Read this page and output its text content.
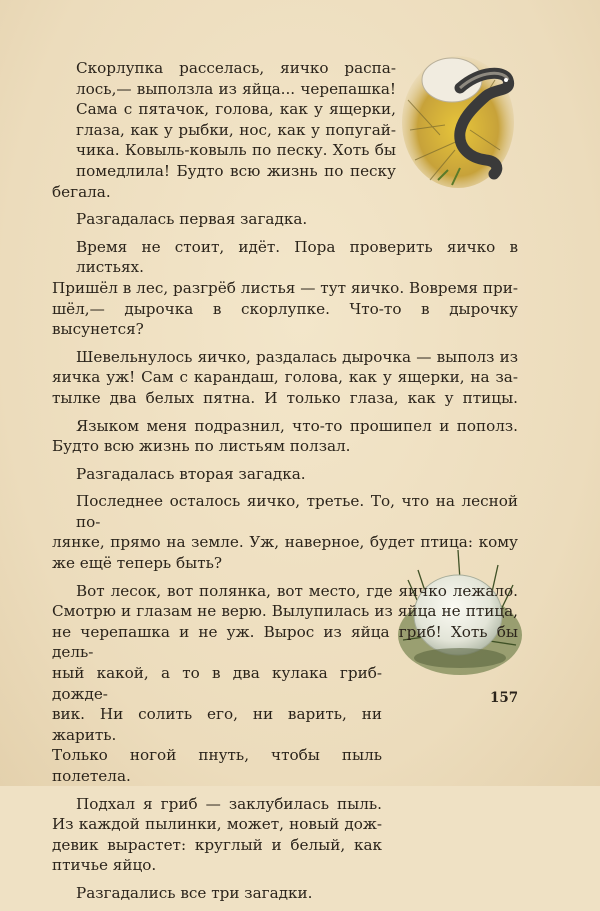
Скорлупка расселась, яичко распа-
лось,— выползла из яйца... черепашка!
Сама с пятачок, голова, как у ящерки,
глаза, как у рыбки, нос, как у попугай-
чика. Ковыль-ковыль по песку. Хоть бы
помедлила! Будто всю жизнь по песку
бегала.
Разгадалась первая загадка.
Время не стоит, идёт. Пора проверить яичко в листьях.
Пришёл в лес, разгрёб листья — тут яичко. Вовремя при-
шёл,— дырочка в скорлупке. Что-то в дырочку высунется?
Шевельнулось яичко, раздалась дырочка — выполз из
яичка уж! Сам с карандаш, голова, как у ящерки, на за-
тылке два белых пятна. И только глаза, как у птицы.
Языком меня подразнил, что-то прошипел и пополз.
Будто всю жизнь по листьям ползал.
Разгадалась вторая загадка.
Последнее осталось яичко, третье. То, что на лесной по-
лянке, прямо на земле. Уж, наверное, будет птица: кому
же ещё теперь быть?
Вот лесок, вот полянка, вот место, где яичко лежало.
Смотрю и глазам не верю. Вылупилась из яйца не птица,
не черепашка и не уж. Вырос из яйца гриб! Хоть бы дель-
ный какой, а то в два кулака гриб-дожде-
вик. Ни солить его, ни варить, ни жарить.
Только ногой пнуть, чтобы пыль полетела.
Подхал я гриб — заклубилась пыль.
Из каждой пылинки, может, новый дож-
девик вырастет: круглый и белый, как
птичье яйцо.
Разгадались все три загадки.
157
